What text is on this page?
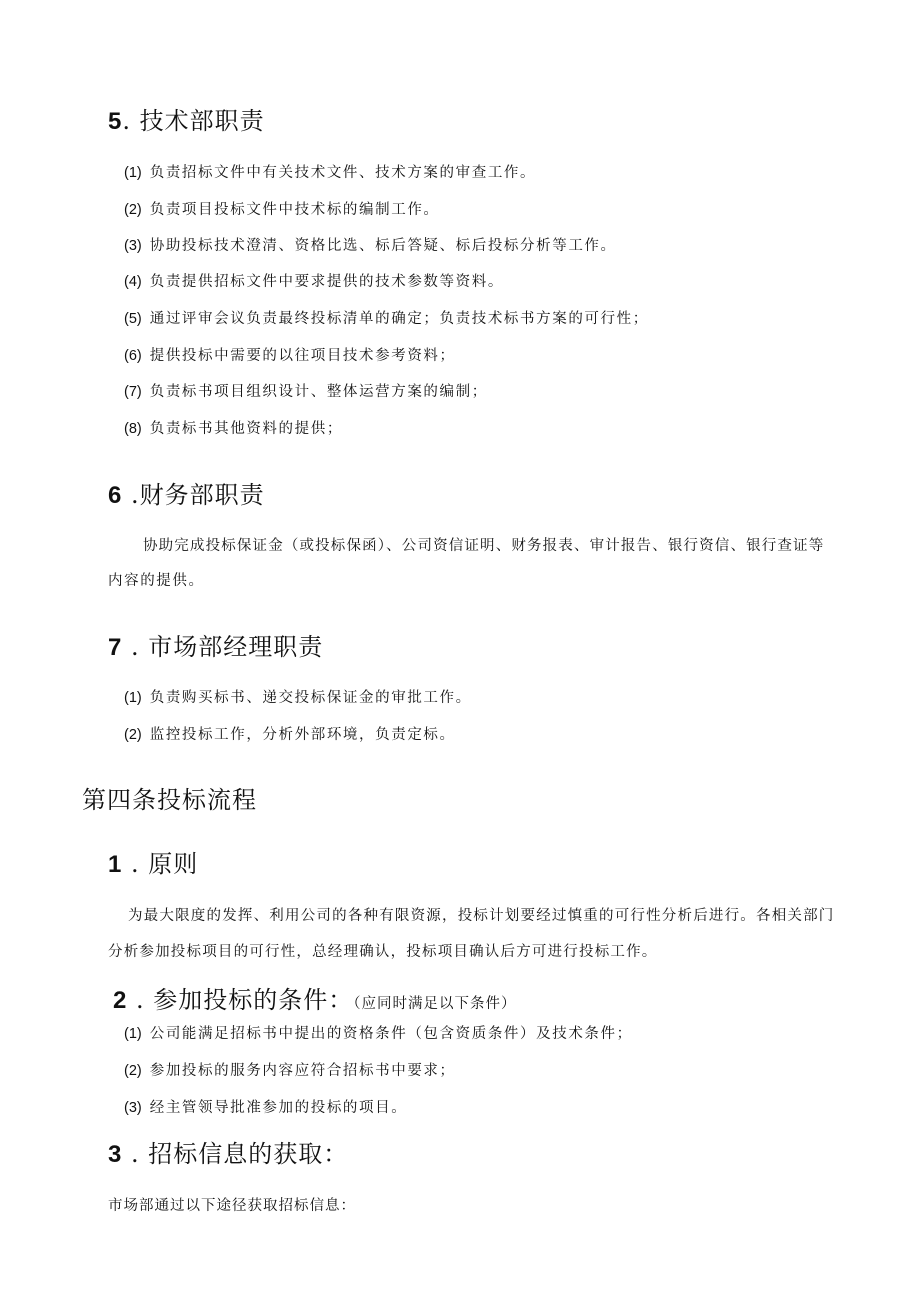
5. 技术部职责
(1) 负责招标文件中有关技术文件、技术方案的审查工作。
(2) 负责项目投标文件中技术标的编制工作。
(3) 协助投标技术澄清、资格比选、标后答疑、标后投标分析等工作。
(4) 负责提供招标文件中要求提供的技术参数等资料。
(5) 通过评审会议负责最终投标清单的确定；负责技术标书方案的可行性；
(6) 提供投标中需要的以往项目技术参考资料；
(7) 负责标书项目组织设计、整体运营方案的编制；
(8) 负责标书其他资料的提供；
6 .财务部职责
协助完成投标保证金（或投标保函）、公司资信证明、财务报表、审计报告、银行资信、银行查证等
内容的提供。
7 . 市场部经理职责
(1) 负责购买标书、递交投标保证金的审批工作。
(2) 监控投标工作，分析外部环境，负责定标。
第四条投标流程
1 . 原则
为最大限度的发挥、利用公司的各种有限资源，投标计划要经过慎重的可行性分析后进行。各相关部门
分析参加投标项目的可行性，总经理确认，投标项目确认后方可进行投标工作。
2 . 参加投标的条件：（应同时满足以下条件）
(1) 公司能满足招标书中提出的资格条件（包含资质条件）及技术条件；
(2) 参加投标的服务内容应符合招标书中要求；
(3) 经主管领导批准参加的投标的项目。
3 . 招标信息的获取：
市场部通过以下途径获取招标信息：
